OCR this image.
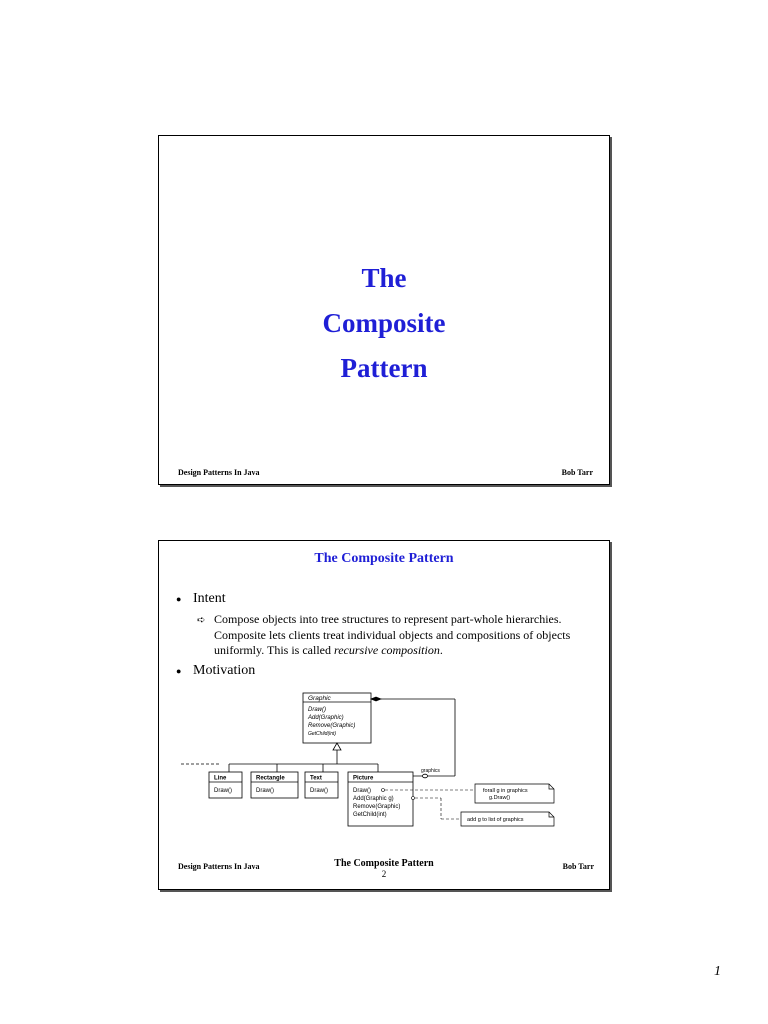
The
Composite
Pattern
Design Patterns In Java	Bob Tarr
The Composite Pattern
● Intent
➪ Compose objects into tree structures to represent part-whole hierarchies. Composite lets clients treat individual objects and compositions of objects uniformly. This is called recursive composition.
● Motivation
Graphic
Draw()
Add(Graphic)
Remove(Graphic)
GetChild(int)
Line
Draw()
Rectangle
Draw()
Text
Draw()
Picture
Draw()
Add(Graphic g)
Remove(Graphic)
GetChild(int)
graphics
forall g in graphics
g.Draw()
add g to list of graphics
Design Patterns In Java	The Composite Pattern
2
Bob Tarr
1
